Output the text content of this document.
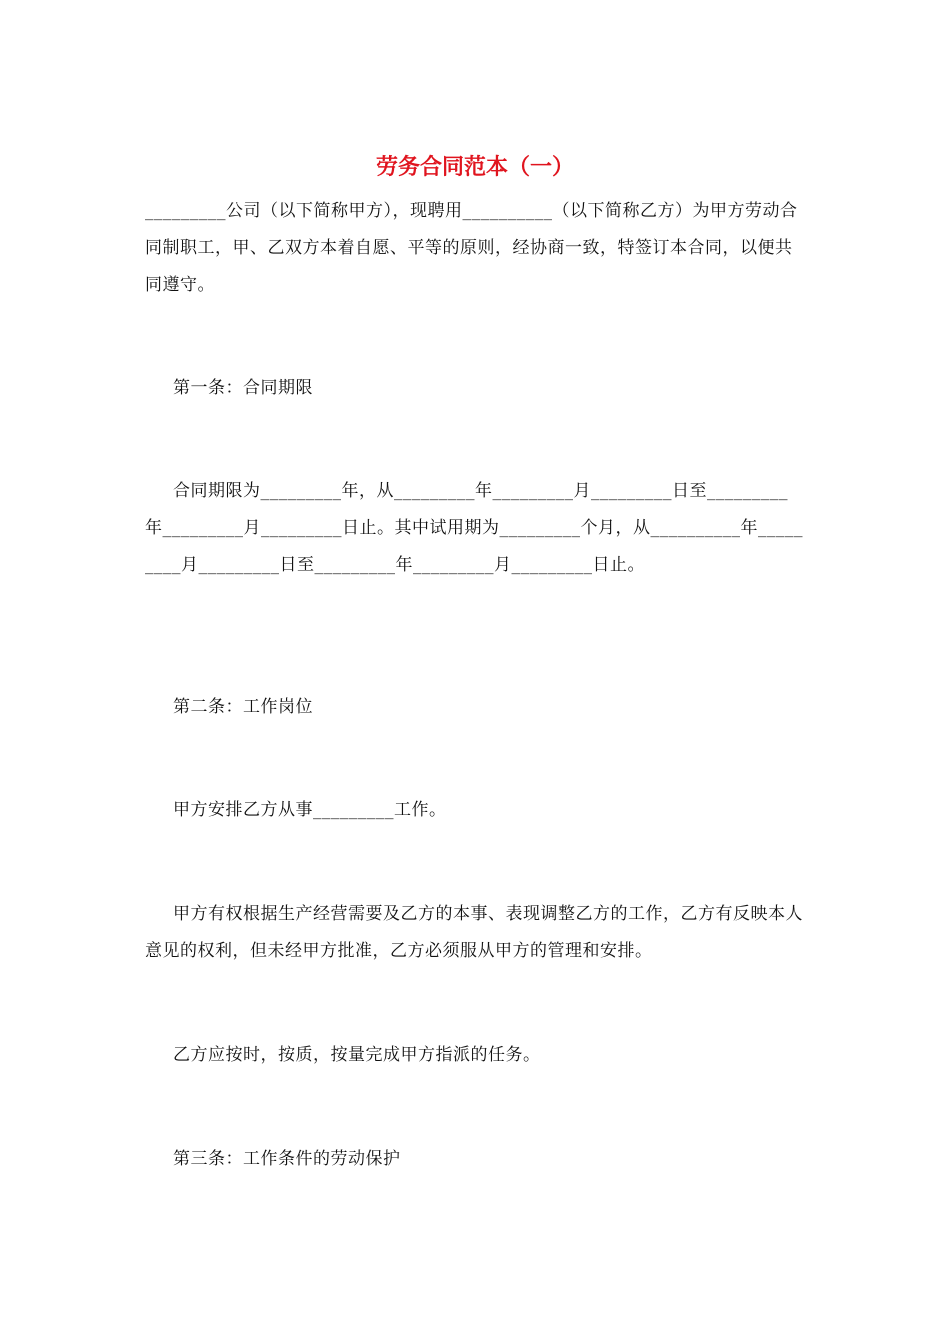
劳务合同范本（一）

_________公司（以下简称甲方），现聘用__________（以下简称乙方）为甲方劳动合同制职工，甲、乙双方本着自愿、平等的原则，经协商一致，特签订本合同，以便共同遵守。

第一条：合同期限

合同期限为_________年，从_________年_________月_________日至_________年_________月_________日止。其中试用期为_________个月，从__________年_________月_________日至_________年_________月_________日止。

第二条：工作岗位

甲方安排乙方从事_________工作。

甲方有权根据生产经营需要及乙方的本事、表现调整乙方的工作，乙方有反映本人意见的权利，但未经甲方批准，乙方必须服从甲方的管理和安排。

乙方应按时，按质，按量完成甲方指派的任务。

第三条：工作条件的劳动保护
